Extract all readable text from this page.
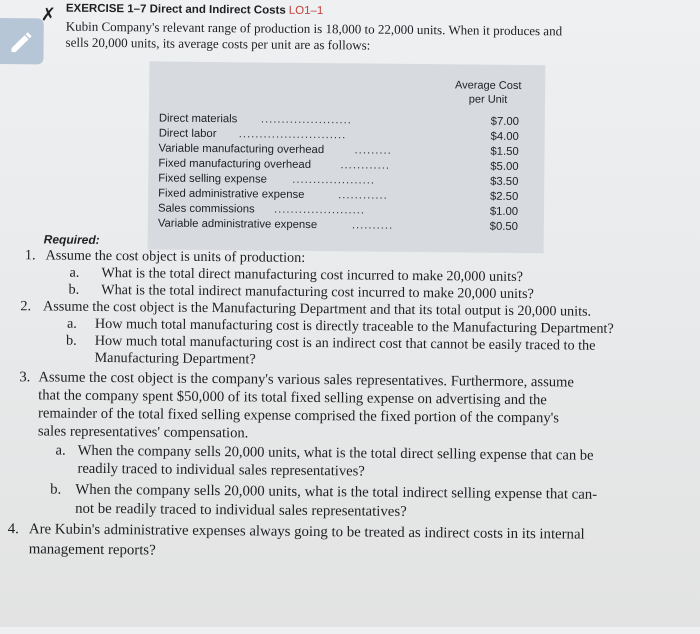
✗ EXERCISE 1–7 Direct and Indirect Costs LO1–1
Kubin Company's relevant range of production is 18,000 to 22,000 units. When it produces and
sells 20,000 units, its average costs per unit are as follows:
Average Cost
per Unit
Direct materials ......................	$7.00
Direct labor ..........................	$4.00
Variable manufacturing overhead	.........	$1.50
Fixed manufacturing overhead	............	$5.00
Fixed selling expense ....................	$3.50
Fixed administrative expense	............	$2.50
Sales commissions ......................	$1.00
Variable administrative expense	..........	$0.50
Required:
1. Assume the cost object is units of production:
a. What is the total direct manufacturing cost incurred to make 20,000 units?
b. What is the total indirect manufacturing cost incurred to make 20,000 units?
2. Assume the cost object is the Manufacturing Department and that its total output is 20,000 units.
a. How much total manufacturing cost is directly traceable to the Manufacturing Department?
b. How much total manufacturing cost is an indirect cost that cannot be easily traced to the
Manufacturing Department?
3. Assume the cost object is the company's various sales representatives. Furthermore, assume
that the company spent $50,000 of its total fixed selling expense on advertising and the
remainder of the total fixed selling expense comprised the fixed portion of the company's
sales representatives' compensation.
a. When the company sells 20,000 units, what is the total direct selling expense that can be
readily traced to individual sales representatives?
b. When the company sells 20,000 units, what is the total indirect selling expense that can-
not be readily traced to individual sales representatives?
4. Are Kubin's administrative expenses always going to be treated as indirect costs in its internal
management reports?
